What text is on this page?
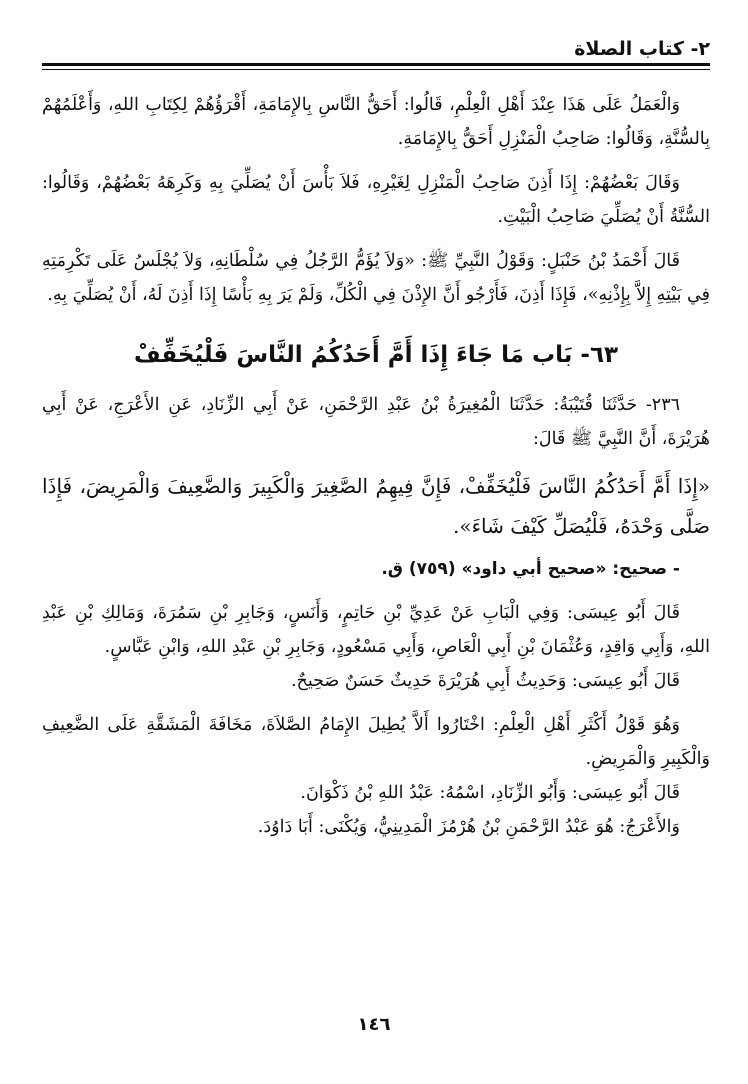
٢- كتاب الصلاة

وَالْعَمَلُ عَلَى هَذَا عِنْدَ أَهْلِ الْعِلْمِ، قَالُوا: أَحَقُّ النَّاسِ بِالإِمَامَةِ، أَقْرَؤُهُمْ لِكِتَابِ اللهِ، وَأَعْلَمُهُمْ بِالسُّنَّةِ، وَقَالُوا: صَاحِبُ الْمَنْزِلِ أَحَقُّ بِالإِمَامَةِ.

وَقَالَ بَعْضُهُمْ: إِذَا أَذِنَ صَاحِبُ الْمَنْزِلِ لِغَيْرِهِ، فَلاَ بَأْسَ أَنْ يُصَلِّيَ بِهِ وَكَرِهَهُ بَعْضُهُمْ، وَقَالُوا: السُّنَّةُ أَنْ يُصَلِّيَ صَاحِبُ الْبَيْتِ.

قَالَ أَحْمَدُ بْنُ حَنْبَلٍ: وَقَوْلُ النَّبِيِّ ﷺ: «وَلاَ يُؤَمُّ الرَّجُلُ فِي سُلْطَانِهِ، وَلاَ يُجْلَسُ عَلَى تَكْرِمَتِهِ فِي بَيْتِهِ إِلاَّ بِإِذْنِهِ»، فَإِذَا أَذِنَ، فَأَرْجُو أَنَّ الإِذْنَ فِي الْكُلِّ، وَلَمْ يَرَ بِهِ بَأْسًا إِذَا أَذِنَ لَهُ، أَنْ يُصَلِّيَ بِهِ.

٦٣- بَاب مَا جَاءَ إِذَا أَمَّ أَحَدُكُمُ النَّاسَ فَلْيُخَفِّفْ

٢٣٦- حَدَّثَنَا قُتَيْبَةُ: حَدَّثَنَا الْمُغِيرَةُ بْنُ عَبْدِ الرَّحْمَنِ، عَنْ أَبِي الزِّنَادِ، عَنِ الأَعْرَجِ، عَنْ أَبِي هُرَيْرَةَ، أَنَّ النَّبِيَّ ﷺ قَالَ:

«إِذَا أَمَّ أَحَدُكُمُ النَّاسَ فَلْيُخَفِّفْ، فَإِنَّ فِيهِمُ الصَّغِيرَ وَالْكَبِيرَ وَالضَّعِيفَ وَالْمَرِيضَ، فَإِذَا صَلَّى وَحْدَهُ، فَلْيُصَلِّ كَيْفَ شَاءَ».

- صحيح: «صحيح أبي داود» (٧٥٩) ق.

قَالَ أَبُو عِيسَى: وَفِي الْبَابِ عَنْ عَدِيِّ بْنِ حَاتِمٍ، وَأَنَسٍ، وَجَابِرِ بْنِ سَمُرَةَ، وَمَالِكِ بْنِ عَبْدِ اللهِ، وَأَبِي وَاقِدٍ، وَعُثْمَانَ بْنِ أَبِي الْعَاصِ، وَأَبِي مَسْعُودٍ، وَجَابِرِ بْنِ عَبْدِ اللهِ، وَابْنِ عَبَّاسٍ.

قَالَ أَبُو عِيسَى: وَحَدِيثُ أَبِي هُرَيْرَةَ حَدِيثٌ حَسَنٌ صَحِيحٌ.

وَهُوَ قَوْلُ أَكْثَرِ أَهْلِ الْعِلْمِ: اخْتَارُوا أَلاَّ يُطِيلَ الإِمَامُ الصَّلاَةَ، مَخَافَةَ الْمَشَقَّةِ عَلَى الضَّعِيفِ وَالْكَبِيرِ وَالْمَرِيضِ.

قَالَ أَبُو عِيسَى: وَأَبُو الزِّنَادِ، اسْمُهُ: عَبْدُ اللهِ بْنُ ذَكْوَانَ.

وَالأَعْرَجُ: هُوَ عَبْدُ الرَّحْمَنِ بْنُ هُرْمُزَ الْمَدِينِيُّ، وَيُكْنَى: أَبَا دَاوُدَ.

١٤٦
